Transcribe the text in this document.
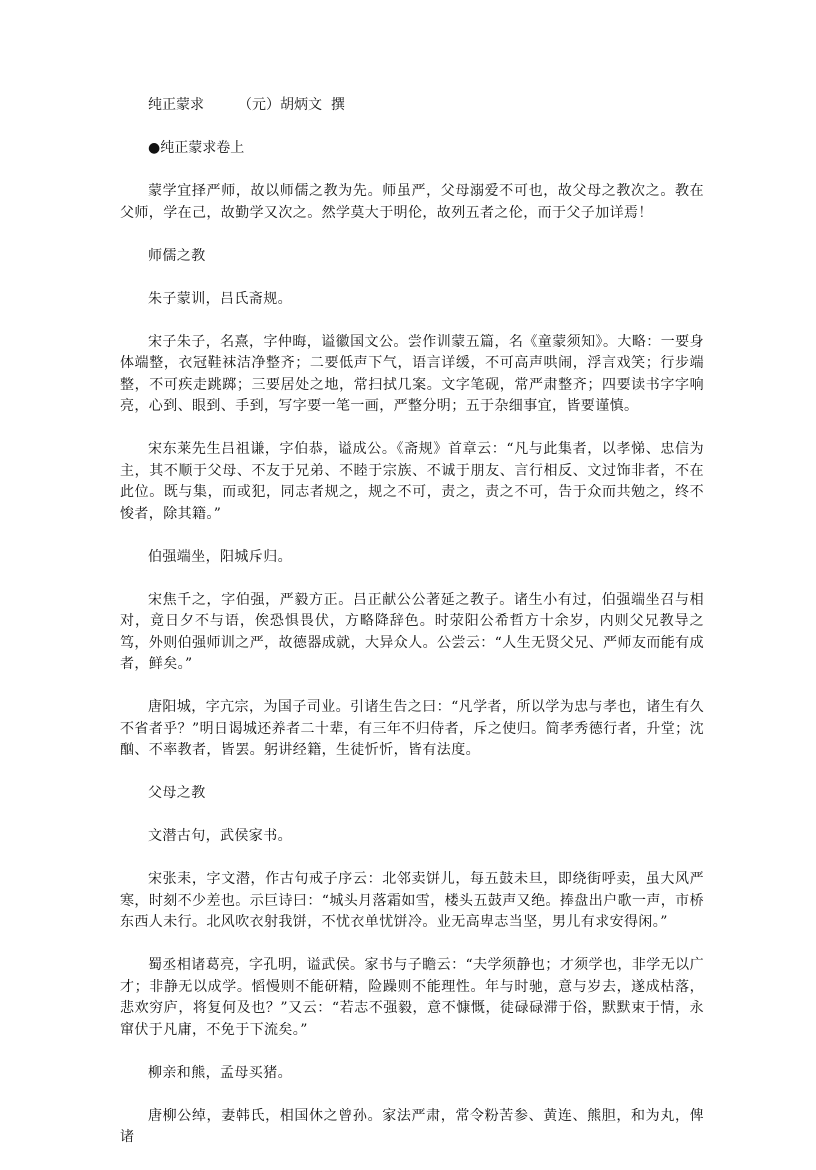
纯正蒙求 （元）胡炳文  撰
●纯正蒙求卷上

蒙学宜择严师，故以师儒之教为先。师虽严，父母溺爱不可也，故父母之教次之。教在父师，学在己，故勤学又次之。然学莫大于明伦，故列五者之伦，而于父子加详焉！

师儒之教

朱子蒙训，吕氏斋规。

宋子朱子，名熹，字仲晦，谥徽国文公。尝作训蒙五篇，名《童蒙须知》。大略：一要身体端整，衣冠鞋袜洁净整齐；二要低声下气，语言详缓，不可高声哄闹，浮言戏笑；行步端整，不可疾走跳踯；三要居处之地，常扫拭几案。文字笔砚，常严肃整齐；四要读书字字响亮，心到、眼到、手到，写字要一笔一画，严整分明；五于杂细事宜，皆要谨慎。

宋东莱先生吕祖谦，字伯恭，谥成公。《斋规》首章云：“凡与此集者，以孝悌、忠信为主，其不顺于父母、不友于兄弟、不睦于宗族、不诚于朋友、言行相反、文过饰非者，不在此位。既与集，而或犯，同志者规之，规之不可，责之，责之不可，告于众而共勉之，终不悛者，除其籍。”

伯强端坐，阳城斥归。

宋焦千之，字伯强，严毅方正。吕正献公公著延之教子。诸生小有过，伯强端坐召与相对，竟日夕不与语，俟恐惧畏伏，方略降辞色。时荥阳公希哲方十余岁，内则父兄教导之笃，外则伯强师训之严，故德器成就，大异众人。公尝云：“人生无贤父兄、严师友而能有成者，鲜矣。”

唐阳城，字亢宗，为国子司业。引诸生告之曰：“凡学者，所以学为忠与孝也，诸生有久不省者乎？”明日谒城还养者二十辈，有三年不归侍者，斥之使归。简孝秀德行者，升堂；沈酗、不率教者，皆罢。躬讲经籍，生徒忻忻，皆有法度。

父母之教

文潜古句，武侯家书。

宋张耒，字文潜，作古句戒子序云：北邻卖饼儿，每五鼓未旦，即绕街呼卖，虽大风严寒，时刻不少差也。示巨诗曰：“城头月落霜如雪，楼头五鼓声又绝。捧盘出户歌一声，市桥东西人未行。北风吹衣射我饼，不忧衣单忧饼冷。业无高卑志当坚，男儿有求安得闲。”

蜀丞相诸葛亮，字孔明，谥武侯。家书与子瞻云：“夫学须静也；才须学也，非学无以广才；非静无以成学。慆慢则不能研精，险躁则不能理性。年与时驰，意与岁去，遂成枯落，悲欢穷庐，将复何及也？”又云：“若志不强毅，意不慷慨，徒碌碌滞于俗，默默束于情，永窜伏于凡庸，不免于下流矣。”

柳亲和熊，孟母买猪。

唐柳公绰，妻韩氏，相国休之曾孙。家法严肃，常令粉苦参、黄连、熊胆，和为丸，俾诸
